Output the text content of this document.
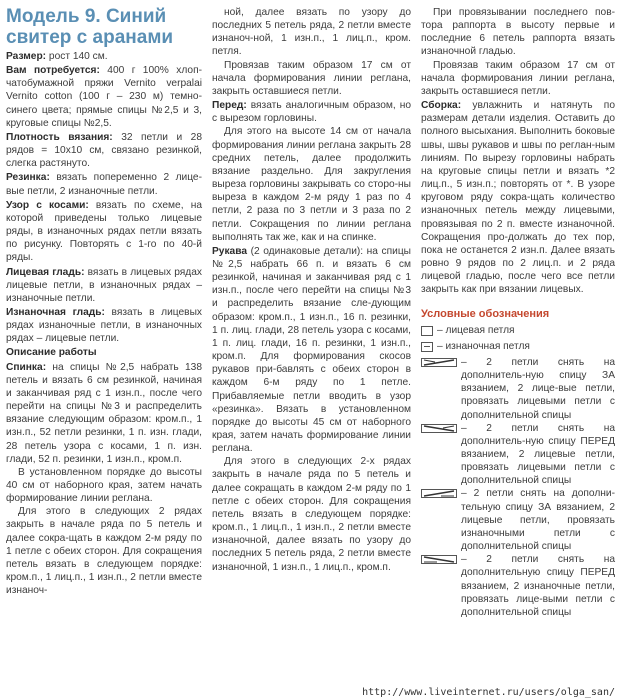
Модель 9. Синий
свитер с аранами

Размер: рост 140 см.

Вам потребуется: 400 г 100% хлоп-чатобумажной пряжи Vernito verpalai Vernito cotton (100 г – 230 м) темно-синего цвета; прямые спицы №2,5 и 3, круговые спицы №2,5.

Плотность вязания: 32 петли и 28 рядов = 10х10 см, связано резинкой, слегка растянуто.

Резинка: вязать попеременно 2 лице-вые петли, 2 изнаночные петли.

Узор с косами: вязать по схеме, на которой приведены только лицевые ряды, в изнаночных рядах петли вязать по рисунку. Повторять с 1-го по 40-й ряды.

Лицевая гладь: вязать в лицевых рядах лицевые петли, в изнаночных рядах – изнаночные петли.

Изнаночная гладь: вязать в лицевых рядах изнаночные петли, в изнаночных рядах – лицевые петли.

Описание работы

Спинка: на спицы №2,5 набрать 138 петель и вязать 6 см резинкой, начиная и заканчивая ряд с 1 изн.п., после чего перейти на спицы №3 и распределить вязание следующим образом: кром.п., 1 изн.п., 52 петли резинки, 1 п. изн. глади, 28 петель узора с косами, 1 п. изн. глади, 52 п. резинки, 1 изн.п., кром.п.

В установленном порядке до высоты 40 см от наборного края, затем начать формирование линии реглана.

Для этого в следующих 2 рядах закрыть в начале ряда по 5 петель и далее сокра-щать в каждом 2-м ряду по 1 петле с обеих сторон. Для сокращения петель вязать в следующем порядке: кром.п., 1 лиц.п., 1 изн.п., 2 петли вместе изнаноч-

ной, далее вязать по узору до последних 5 петель ряда, 2 петли вместе изнаноч-ной, 1 изн.п., 1 лиц.п., кром. петля.

Провязав таким образом 17 см от начала формирования линии реглана, закрыть оставшиеся петли.

Перед: вязать аналогичным образом, но с вырезом горловины.

Для этого на высоте 14 см от начала формирования линии реглана закрыть 28 средних петель, далее продолжить вязание раздельно. Для закругления выреза горловины закрывать со сторо-ны выреза в каждом 2-м ряду 1 раз по 4 петли, 2 раза по 3 петли и 3 раза по 2 петли. Сокращения по линии реглана выполнять так же, как и на спинке.

Рукава (2 одинаковые детали): на спицы №2,5 набрать 66 п. и вязать 6 см резинкой, начиная и заканчивая ряд с 1 изн.п., после чего перейти на спицы №3 и распределить вязание сле-дующим образом: кром.п., 1 изн.п., 16 п. резинки, 1 п. лиц. глади, 28 петель узора с косами, 1 п. лиц. глади, 16 п. резинки, 1 изн.п., кром.п. Для формирования скосов рукавов при-бавлять с обеих сторон в каждом 6-м ряду по 1 петле. Прибавляемые петли вводить в узор «резинка». Вязать в установленном порядке до высоты 45 см от наборного края, затем начать формирование линии реглана.

Для этого в следующих 2-х рядах закрыть в начале ряда по 5 петель и далее сокращать в каждом 2-м ряду по 1 петле с обеих сторон. Для сокращения петель вязать в следующем порядке: кром.п., 1 лиц.п., 1 изн.п., 2 петли вместе изнаночной, далее вязать по узору до последних 5 петель ряда, 2 петли вместе изнаночной, 1 изн.п., 1 лиц.п., кром.п.

При провязывании последнего пов-тора раппорта в высоту первые и последние 6 петель раппорта вязать изнаночной гладью.

Провязав таким образом 17 см от начала формирования линии реглана, закрыть оставшиеся петли.

Сборка: увлажнить и натянуть по размерам детали изделия. Оставить до полного высыхания. Выполнить боковые швы, швы рукавов и швы по реглан-ным линиям. По вырезу горловины набрать на круговые спицы петли и вязать *2 лиц.п., 5 изн.п.; повторять от *. В узоре круговом ряду сокра-щать количество изнаночных петель между лицевыми, провязывая по 2 п. вместе изнаночной. Сокращения про-должать до тех пор, пока не останется 2 изн.п. Далее вязать ровно 9 рядов по 2 лиц.п. и 2 ряда лицевой гладью, после чего все петли закрыть как при вязании лицевых.

Условные обозначения
– лицевая петля
– изнаночная петля
– 2 петли снять на дополнитель-ную спицу ЗА вязанием, 2 лице-вые петли, провязать лицевыми петли с дополнительной спицы
– 2 петли снять на дополнитель-ную спицу ПЕРЕД вязанием, 2 лицевые петли, провязать лицевыми петли с дополнительной спицы
– 2 петли снять на дополни-тельную спицу ЗА вязанием, 2 лицевые петли, провязать изнаночными петли с дополнительной спицы
– 2 петли снять на дополнительную спицу ПЕРЕД вязанием, 2 изнаночные петли, провязать лице-выми петли с дополнительной спицы
http://www.liveinternet.ru/users/olga_san/
